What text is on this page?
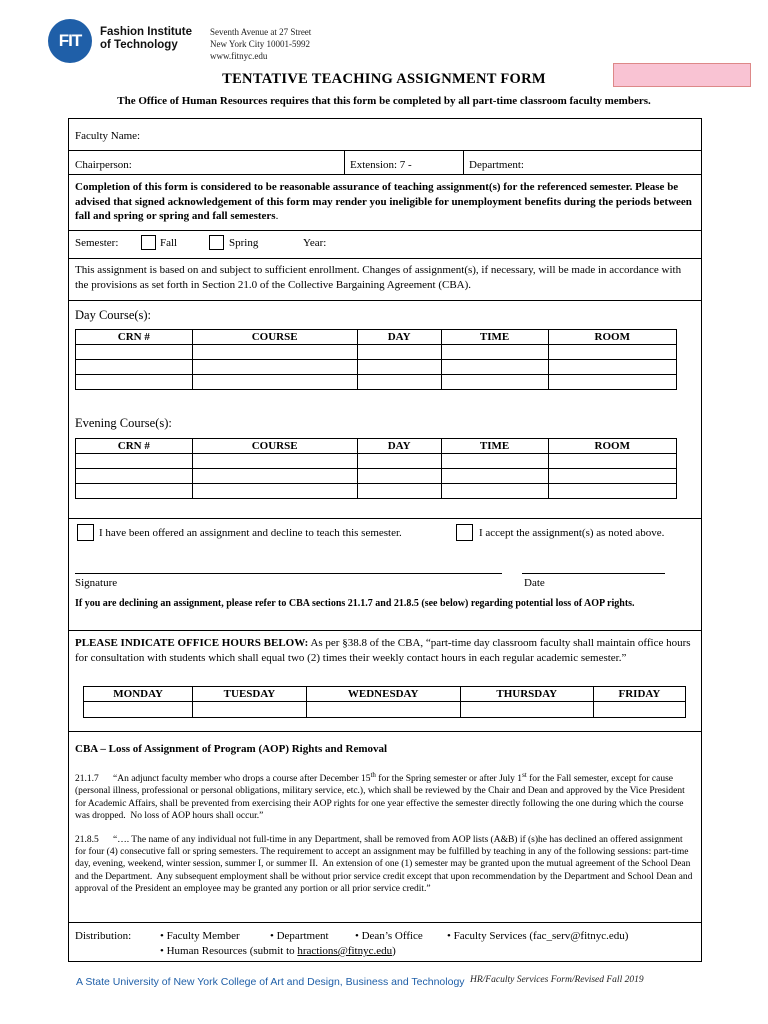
FIT	Fashion Institute
of Technology
Seventh Avenue at 27 Street
New York City 10001-5992
www.fitnyc.edu
TENTATIVE TEACHING ASSIGNMENT FORM
The Office of Human Resources requires that this form be completed by all part-time classroom faculty members.
Faculty Name:
Chairperson:	Extension: 7 -	Department:
Completion of this form is considered to be reasonable assurance of teaching assignment(s) for the referenced semester. Please be advised that signed acknowledgement of this form may render you ineligible for unemployment benefits during the periods between fall and spring or spring and fall semesters.
Semester:	Fall	Spring	Year:
This assignment is based on and subject to sufficient enrollment. Changes of assignment(s), if necessary, will be made in accordance with the provisions as set forth in Section 21.0 of the Collective Bargaining Agreement (CBA).
Day Course(s):
CRN #	COURSE	DAY	TIME	ROOM

Evening Course(s):
CRN #	COURSE	DAY	TIME	ROOM

I have been offered an assignment and decline to teach this semester.	I accept the assignment(s) as noted above.
Signature	Date
If you are declining an assignment, please refer to CBA sections 21.1.7 and 21.8.5 (see below) regarding potential loss of AOP rights.
PLEASE INDICATE OFFICE HOURS BELOW: As per §38.8 of the CBA, “part-time day classroom faculty shall maintain office hours for consultation with students which shall equal two (2) times their weekly contact hours in each regular academic semester.”
MONDAY	TUESDAY	WEDNESDAY	THURSDAY	FRIDAY

CBA – Loss of Assignment of Program (AOP) Rights and Removal
21.1.7      “An adjunct faculty member who drops a course after December 15th for the Spring semester or after July 1st for the Fall semester, except for cause (personal illness, professional or personal obligations, military service, etc.), which shall be reviewed by the Chair and Dean and approved by the Vice President for Academic Affairs, shall be prevented from exercising their AOP rights for one year effective the semester directly following the one during which the course was dropped.  No loss of AOP hours shall occur.”
21.8.5      “…. The name of any individual not full-time in any Department, shall be removed from AOP lists (A&B) if (s)he has declined an offered assignment for four (4) consecutive fall or spring semesters. The requirement to accept an assignment may be fulfilled by teaching in any of the following sessions: part-time day, evening, weekend, winter session, summer I, or summer II.  An extension of one (1) semester may be granted upon the mutual agreement of the School Dean and the Department.  Any subsequent employment shall be without prior service credit except that upon recommendation by the Department and School Dean and approval of the President an employee may be granted any portion or all prior service credit.”
Distribution:	• Faculty Member	• Department • Dean’s Office • Faculty Services (fac_serv@fitnyc.edu)
• Human Resources (submit to hractions@fitnyc.edu)
A State University of New York College of Art and Design, Business and Technology HR/Faculty Services Form/Revised Fall 2019
